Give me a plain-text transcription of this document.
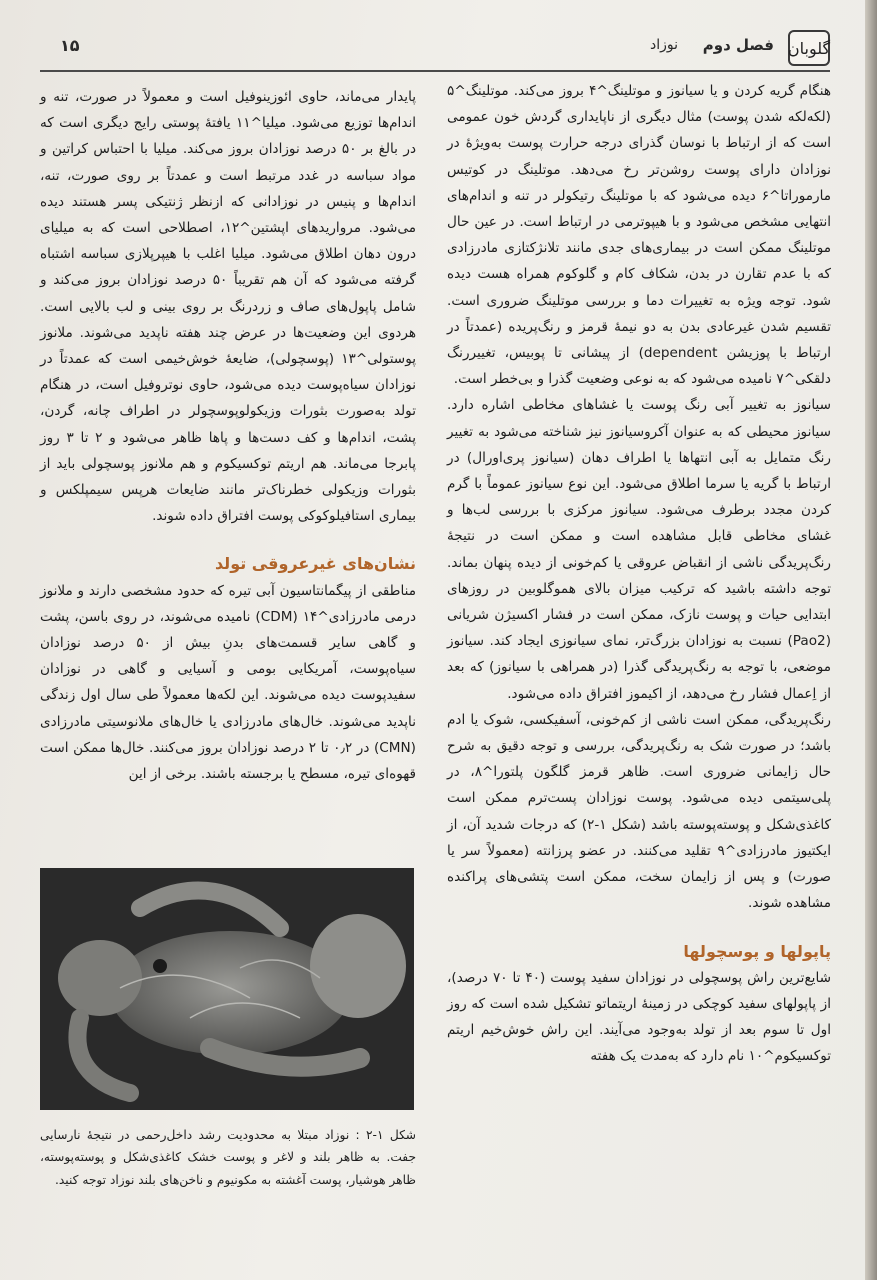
ﮔﻠﻮﺑﺎﻥ
فصل دوم
نوزاد
۱۵

هنگام گریه کردن و یا سیانوز و موتلینگ^۴ بروز می‌کند. موتلینگ^۵ (لکه‌لکه شدن پوست) مثال دیگری از ناپایداری گردش خون عمومی است که از ارتباط با نوسان گذرای درجه حرارت پوست به‌ویژهٔ در نوزادان دارای پوست روشن‌تر رخ می‌دهد. موتلینگ در کوتیس مارموراتا^۶ دیده می‌شود که با موتلینگ رتیکولر در تنه و اندام‌های انتهایی مشخص می‌شود و با هیپوترمی در ارتباط است. در عین حال موتلینگ ممکن است در بیماری‌های جدی مانند تلانژکتازی مادرزادی که با عدم تقارن در بدن، شکاف کام و گلوکوم همراه هست دیده شود. توجه ویژه به تغییرات دما و بررسی موتلینگ ضروری است. تقسیم شدن غیرعادی بدن به دو نیمهٔ قرمز و رنگ‌پریده (عمدتاً در ارتباط با پوزیشن dependent) از پیشانی تا پوبیس، تغییررنگ دلقکی^۷ نامیده می‌شود که به نوعی وضعیت گذرا و بی‌خطر است.

سیانوز به تغییر آبی رنگ پوست یا غشاهای مخاطی اشاره دارد. سیانوز محیطی که به عنوان آکروسیانوز نیز شناخته می‌شود به تغییر رنگ متمایل به آبی انتهاها یا اطراف دهان (سیانوز پری‌اورال) در ارتباط با گریه یا سرما اطلاق می‌شود. این نوع سیانوز عموماً با گرم کردن مجدد برطرف می‌شود. سیانوز مرکزی با بررسی لب‌ها و غشای مخاطی قابل مشاهده است و ممکن است در نتیجهٔ رنگ‌پریدگی ناشی از انقباض عروقی یا کم‌خونی از دیده پنهان بماند. توجه داشته باشید که ترکیب میزان بالای هموگلوبین در روزهای ابتدایی حیات و پوست نازک، ممکن است در فشار اکسیژن شریانی (Pao2) نسبت به نوزادان بزرگ‌تر، نمای سیانوزی ایجاد کند. سیانوز موضعی، با توجه به رنگ‌پریدگی گذرا (در همراهی با سیانوز) که بعد از اِعمال فشار رخ می‌دهد، از اکیموز افتراق داده می‌شود.

رنگ‌پریدگی، ممکن است ناشی از کم‌خونی، آسفیکسی، شوک یا ادم باشد؛ در صورت شک به رنگ‌پریدگی، بررسی و توجه دقیق به شرح حال زایمانی ضروری است. ظاهر قرمز گلگون پلتورا^۸، در پلی‌سیتمی دیده می‌شود. پوست نوزادان پست‌ترم ممکن است کاغذی‌شکل و پوسته‌پوسته باشد (شکل ۱-۲) که درجات شدید آن، از ایکتیوز مادرزادی^۹ تقلید می‌کنند. در عضو پرزانته (معمولاً سر یا صورت) و پس از زایمان سخت، ممکن است پتشی‌های پراکنده مشاهده شوند.

پاپولها و پوسچولها

شایع‌ترین راش پوسچولی در نوزادان سفید پوست (۴۰ تا ۷۰ درصد)، از پاپولهای سفید کوچکی در زمینهٔ اریتماتو تشکیل شده است که روز اول تا سوم بعد از تولد به‌وجود می‌آیند. این راش خوش‌خیم اریتم توکسیکوم^۱۰ نام دارد که به‌مدت یک هفته

پایدار می‌ماند، حاوی ائوزینوفیل است و معمولاً در صورت، تنه و اندام‌ها توزیع می‌شود. میلیا^۱۱ یافتهٔ پوستی رایج دیگری است که در بالغ بر ۵۰ درصد نوزادان بروز می‌کند. میلیا با احتباس کراتین و مواد سباسه در غدد مرتبط است و عمدتاً بر روی صورت، تنه، اندام‌ها و پنیس در نوزادانی که ازنظر ژنتیکی پسر هستند دیده می‌شود. مرواریدهای اپشتین^۱۲، اصطلاحی است که به میلیای درون دهان اطلاق می‌شود. میلیا اغلب با هیپرپلازی سباسه اشتباه گرفته می‌شود که آن هم تقریباً ۵۰ درصد نوزادان بروز می‌کند و شامل پاپول‌های صاف و زردرنگ بر روی بینی و لب بالایی است. هردوی این وضعیت‌ها در عرض چند هفته ناپدید می‌شوند. ملانوز پوستولی^۱۳ (پوسچولی)، ضایعهٔ خوش‌خیمی است که عمدتاً در نوزادان سیاه‌پوست دیده می‌شود، حاوی نوتروفیل است، در هنگام تولد به‌صورت بثورات وزیکولوپوسچولر در اطراف چانه، گردن، پشت، اندام‌ها و کف دست‌ها و پاها ظاهر می‌شود و ۲ تا ۳ روز پابرجا می‌ماند. هم اریتم توکسیکوم و هم ملانوز پوسچولی باید از بثورات وزیکولی خطرناک‌تر مانند ضایعات هرپس سیمپلکس و بیماری استافیلوکوکی پوست افتراق داده شوند.

نشان‌های غیرعروقی تولد

مناطقی از پیگمانتاسیون آبی تیره که حدود مشخصی دارند و ملانوز درمی مادرزادی^۱۴ (CDM) نامیده می‌شوند، در روی باسن، پشت و گاهی سایر قسمت‌های بدنِ بیش از ۵۰ درصد نوزادان سیاه‌پوست، آمریکایی بومی و آسیایی و گاهی در نوزادان سفیدپوست دیده می‌شوند. این لکه‌ها معمولاً طی سال اول زندگی ناپدید می‌شوند. خال‌های مادرزادی یا خال‌های ملانوسیتی مادرزادی (CMN) در ۰٫۲ تا ۲ درصد نوزادان بروز می‌کنند. خال‌ها ممکن است قهوه‌ای تیره، مسطح یا برجسته باشند. برخی از این

شکل ۱-۲ : نوزاد مبتلا به محدودیت رشد داخل‌رحمی در نتیجهٔ نارسایی جفت. به ظاهر بلند و لاغر و پوست خشک کاغذی‌شکل و پوسته‌پوسته، ظاهر هوشیار، پوست آغشته به مکونیوم و ناخن‌های بلند نوزاد توجه کنید.
